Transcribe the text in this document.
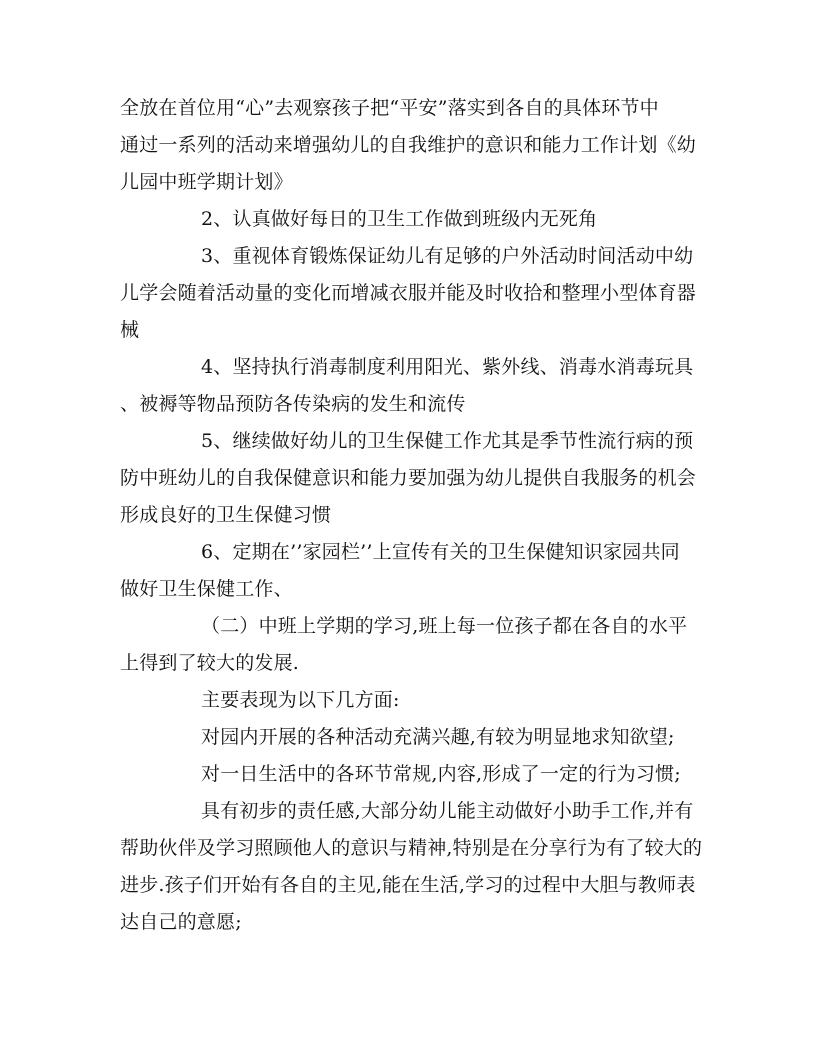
全放在首位用“心”去观察孩子把“平安”落实到各自的具体环节中
通过一系列的活动来增强幼儿的自我维护的意识和能力工作计划《幼
儿园中班学期计划》
2、认真做好每日的卫生工作做到班级内无死角
3、重视体育锻炼保证幼儿有足够的户外活动时间活动中幼
儿学会随着活动量的变化而增减衣服并能及时收拾和整理小型体育器
械
4、坚持执行消毒制度利用阳光、紫外线、消毒水消毒玩具
、被褥等物品预防各传染病的发生和流传
5、继续做好幼儿的卫生保健工作尤其是季节性流行病的预
防中班幼儿的自我保健意识和能力要加强为幼儿提供自我服务的机会
形成良好的卫生保健习惯
6、定期在’’家园栏’’上宣传有关的卫生保健知识家园共同
做好卫生保健工作、
（二）中班上学期的学习,班上每一位孩子都在各自的水平
上得到了较大的发展.
主要表现为以下几方面:
对园内开展的各种活动充满兴趣,有较为明显地求知欲望;
对一日生活中的各环节常规,内容,形成了一定的行为习惯;
具有初步的责任感,大部分幼儿能主动做好小助手工作,并有
帮助伙伴及学习照顾他人的意识与精神,特别是在分享行为有了较大的
进步.孩子们开始有各自的主见,能在生活,学习的过程中大胆与教师表
达自己的意愿;
